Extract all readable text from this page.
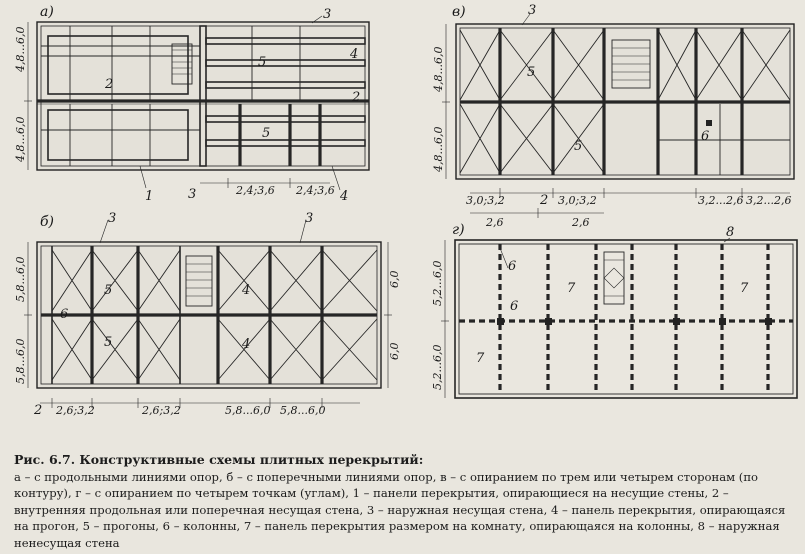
4,8...6,0
4,8...6,0
2,4;3,6 2,4;3,6
а)
1
2
2
3
3
4
4
5
5
5,8...6,0
5,8...6,0
6,0
6,0
2,6;3,2	2,6;3,2	5,8...6,0 5,8...6,0
б)
2
3	3
4
4
5
5
6
4,8...6,0
4,8...6,0
3,0;3,2	3,0;3,2	3,2...2,6 3,2...2,6
2,6	2,6
в)
2
3
5
5
6
5,2...6,0
5,2...6,0
г)
6
6
7	7
7
8
Рис. 6.7. Конструктивные схемы плитных перекрытий:
а – с продольными линиями опор, б – с поперечными линиями опор, в – с опиранием по трем или четырем сторонам (по контуру), г – с опиранием по четырем точкам (углам), 1 – панели перекрытия, опирающиеся на несущие стены, 2 – внутренняя продольная или поперечная несущая стена, 3 – наружная несущая стена, 4 – панель перекрытия, опирающаяся на прогон, 5 – прогоны, 6 – колонны, 7 – панель перекрытия размером на комнату, опирающаяся на колонны, 8 – наружная ненесущая стена
